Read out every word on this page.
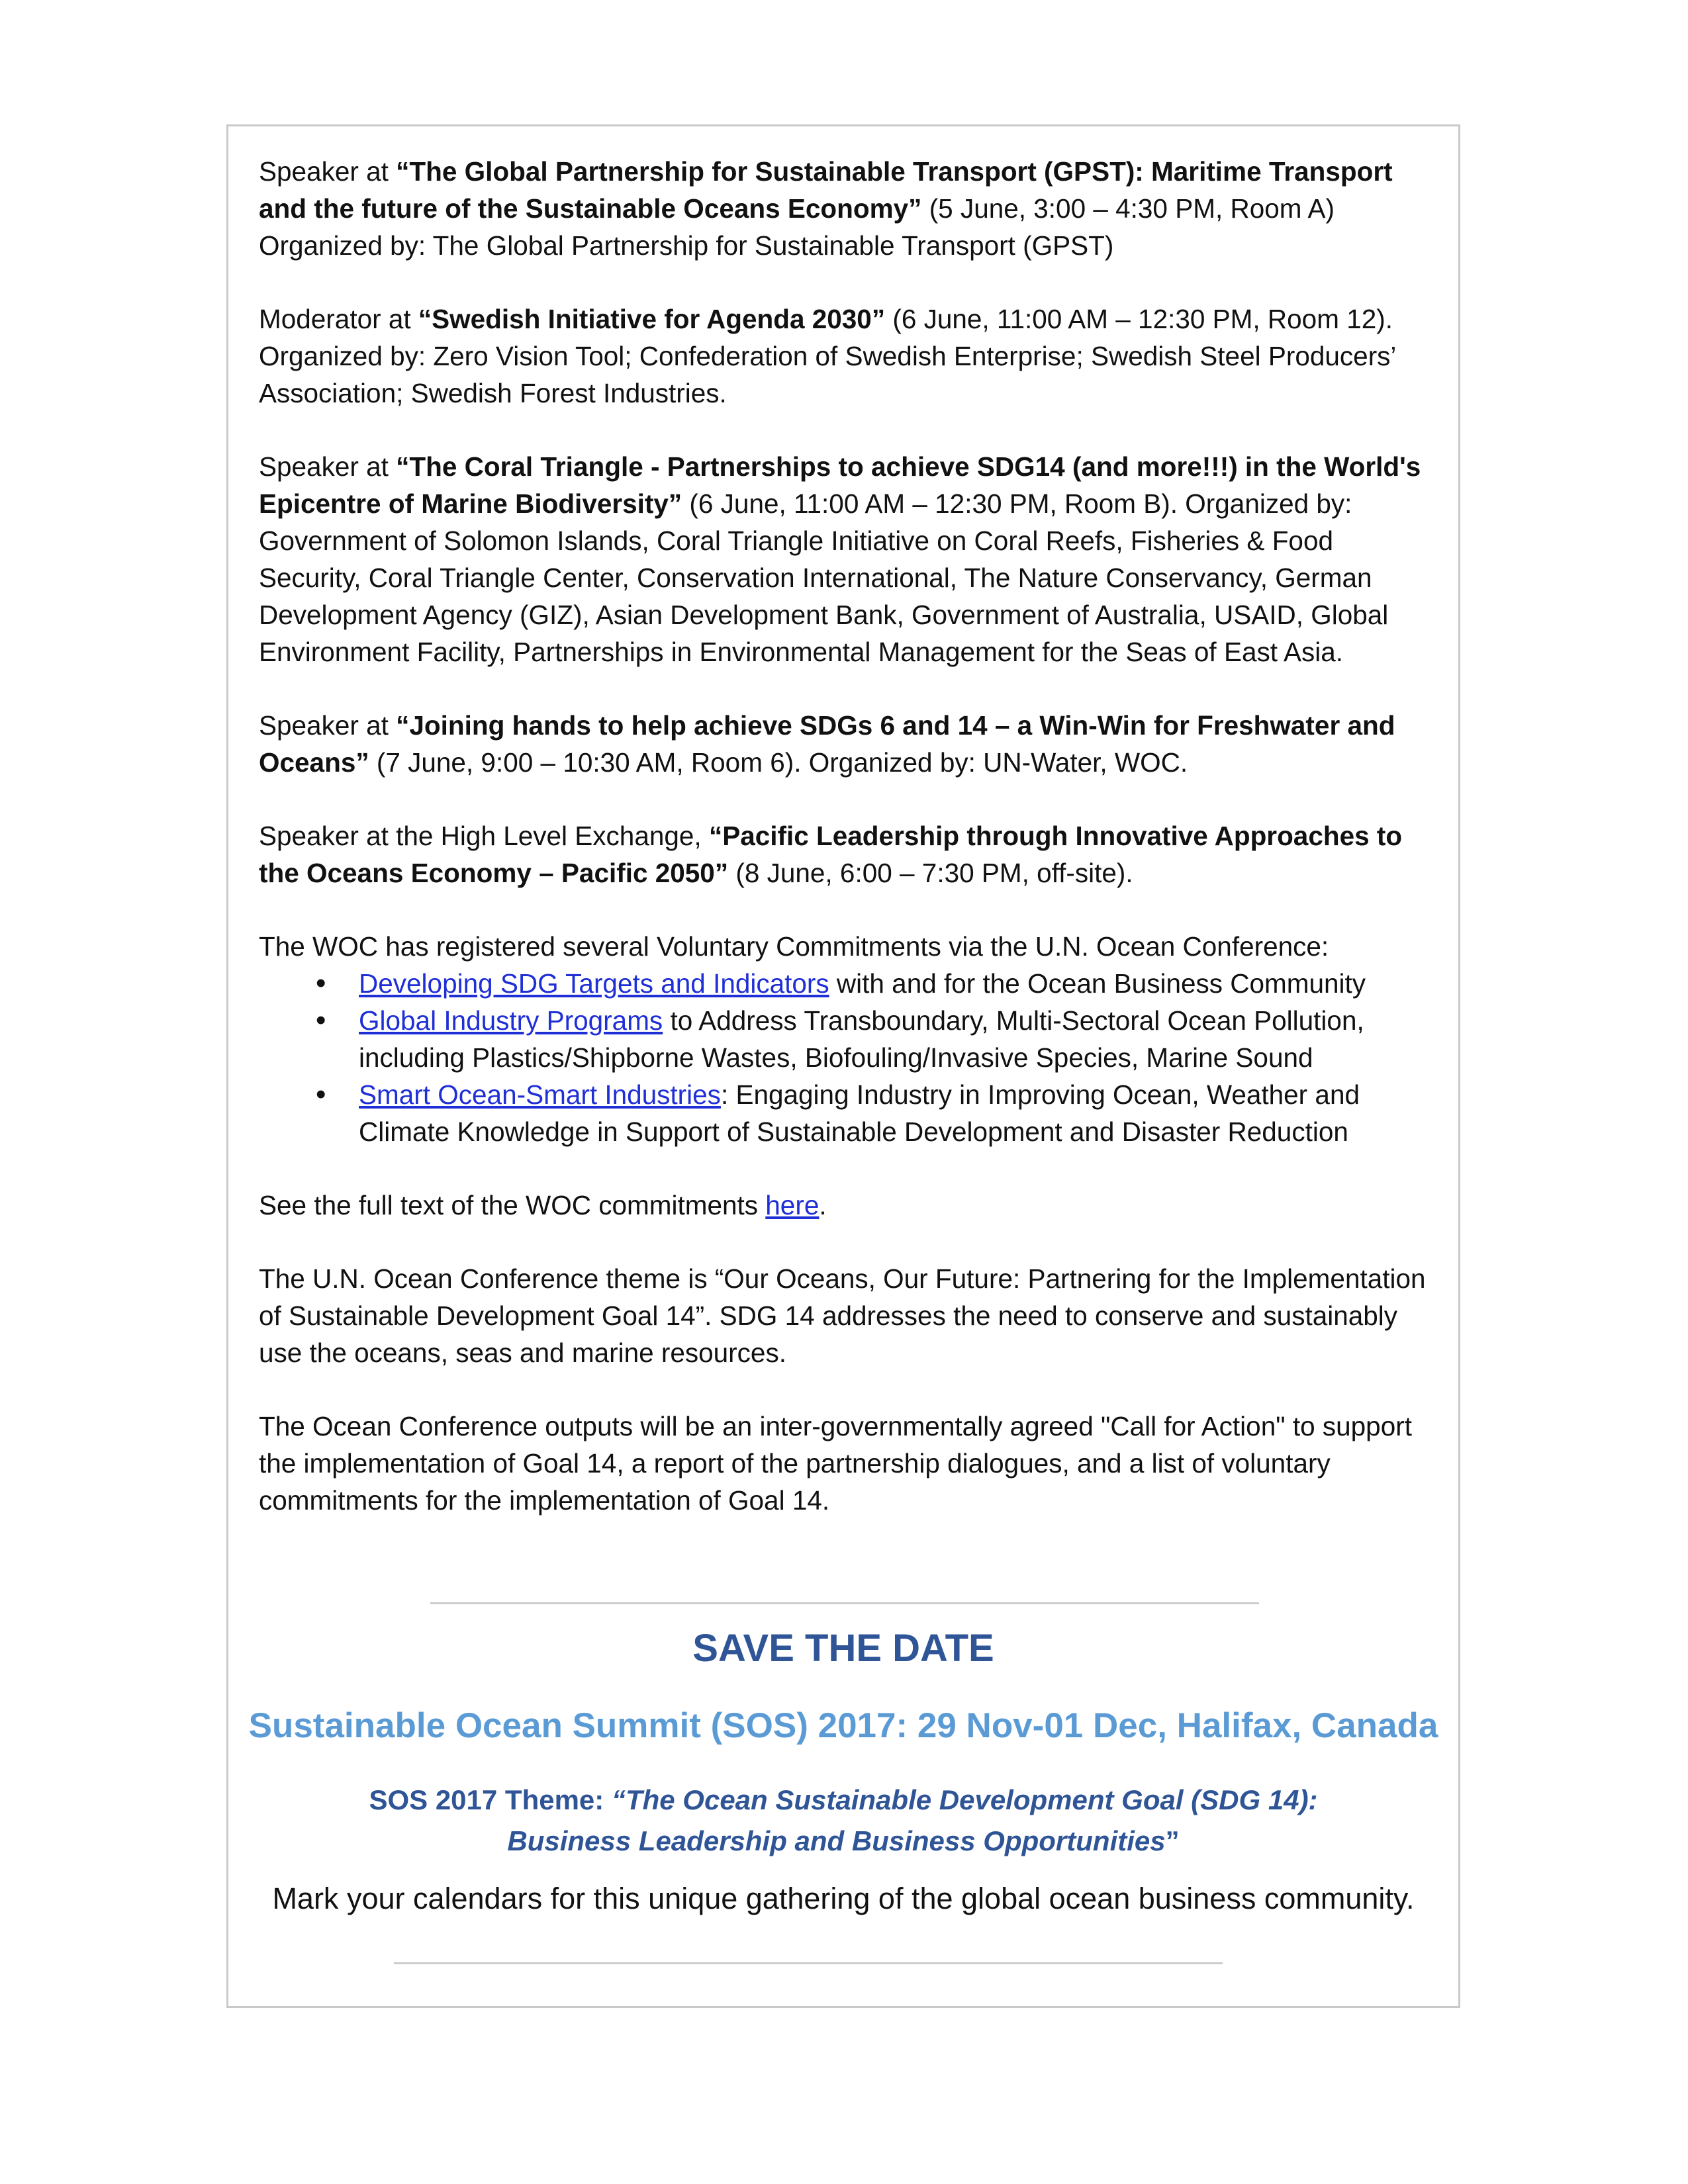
Speaker at “The Global Partnership for Sustainable Transport (GPST): Maritime Transport and the future of the Sustainable Oceans Economy” (5 June, 3:00 – 4:30 PM, Room A) Organized by: The Global Partnership for Sustainable Transport (GPST)

Moderator at “Swedish Initiative for Agenda 2030” (6 June, 11:00 AM – 12:30 PM, Room 12). Organized by: Zero Vision Tool; Confederation of Swedish Enterprise; Swedish Steel Producers’ Association; Swedish Forest Industries.

Speaker at “The Coral Triangle - Partnerships to achieve SDG14 (and more!!!) in the World's Epicentre of Marine Biodiversity” (6 June, 11:00 AM – 12:30 PM, Room B). Organized by: Government of Solomon Islands, Coral Triangle Initiative on Coral Reefs, Fisheries & Food Security, Coral Triangle Center, Conservation International, The Nature Conservancy, German Development Agency (GIZ), Asian Development Bank, Government of Australia, USAID, Global Environment Facility, Partnerships in Environmental Management for the Seas of East Asia.

Speaker at “Joining hands to help achieve SDGs 6 and 14 – a Win-Win for Freshwater and Oceans” (7 June, 9:00 – 10:30 AM, Room 6). Organized by: UN-Water, WOC.

Speaker at the High Level Exchange, “Pacific Leadership through Innovative Approaches to the Oceans Economy – Pacific 2050” (8 June, 6:00 – 7:30 PM, off-site).

The WOC has registered several Voluntary Commitments via the U.N. Ocean Conference:
• Developing SDG Targets and Indicators with and for the Ocean Business Community
• Global Industry Programs to Address Transboundary, Multi-Sectoral Ocean Pollution, including Plastics/Shipborne Wastes, Biofouling/Invasive Species, Marine Sound
• Smart Ocean-Smart Industries: Engaging Industry in Improving Ocean, Weather and Climate Knowledge in Support of Sustainable Development and Disaster Reduction

See the full text of the WOC commitments here.

The U.N. Ocean Conference theme is “Our Oceans, Our Future: Partnering for the Implementation of Sustainable Development Goal 14”. SDG 14 addresses the need to conserve and sustainably use the oceans, seas and marine resources.

The Ocean Conference outputs will be an inter-governmentally agreed "Call for Action" to support the implementation of Goal 14, a report of the partnership dialogues, and a list of voluntary commitments for the implementation of Goal 14.

SAVE THE DATE
Sustainable Ocean Summit (SOS) 2017: 29 Nov-01 Dec, Halifax, Canada
SOS 2017 Theme: “The Ocean Sustainable Development Goal (SDG 14):
Business Leadership and Business Opportunities”
Mark your calendars for this unique gathering of the global ocean business community.
